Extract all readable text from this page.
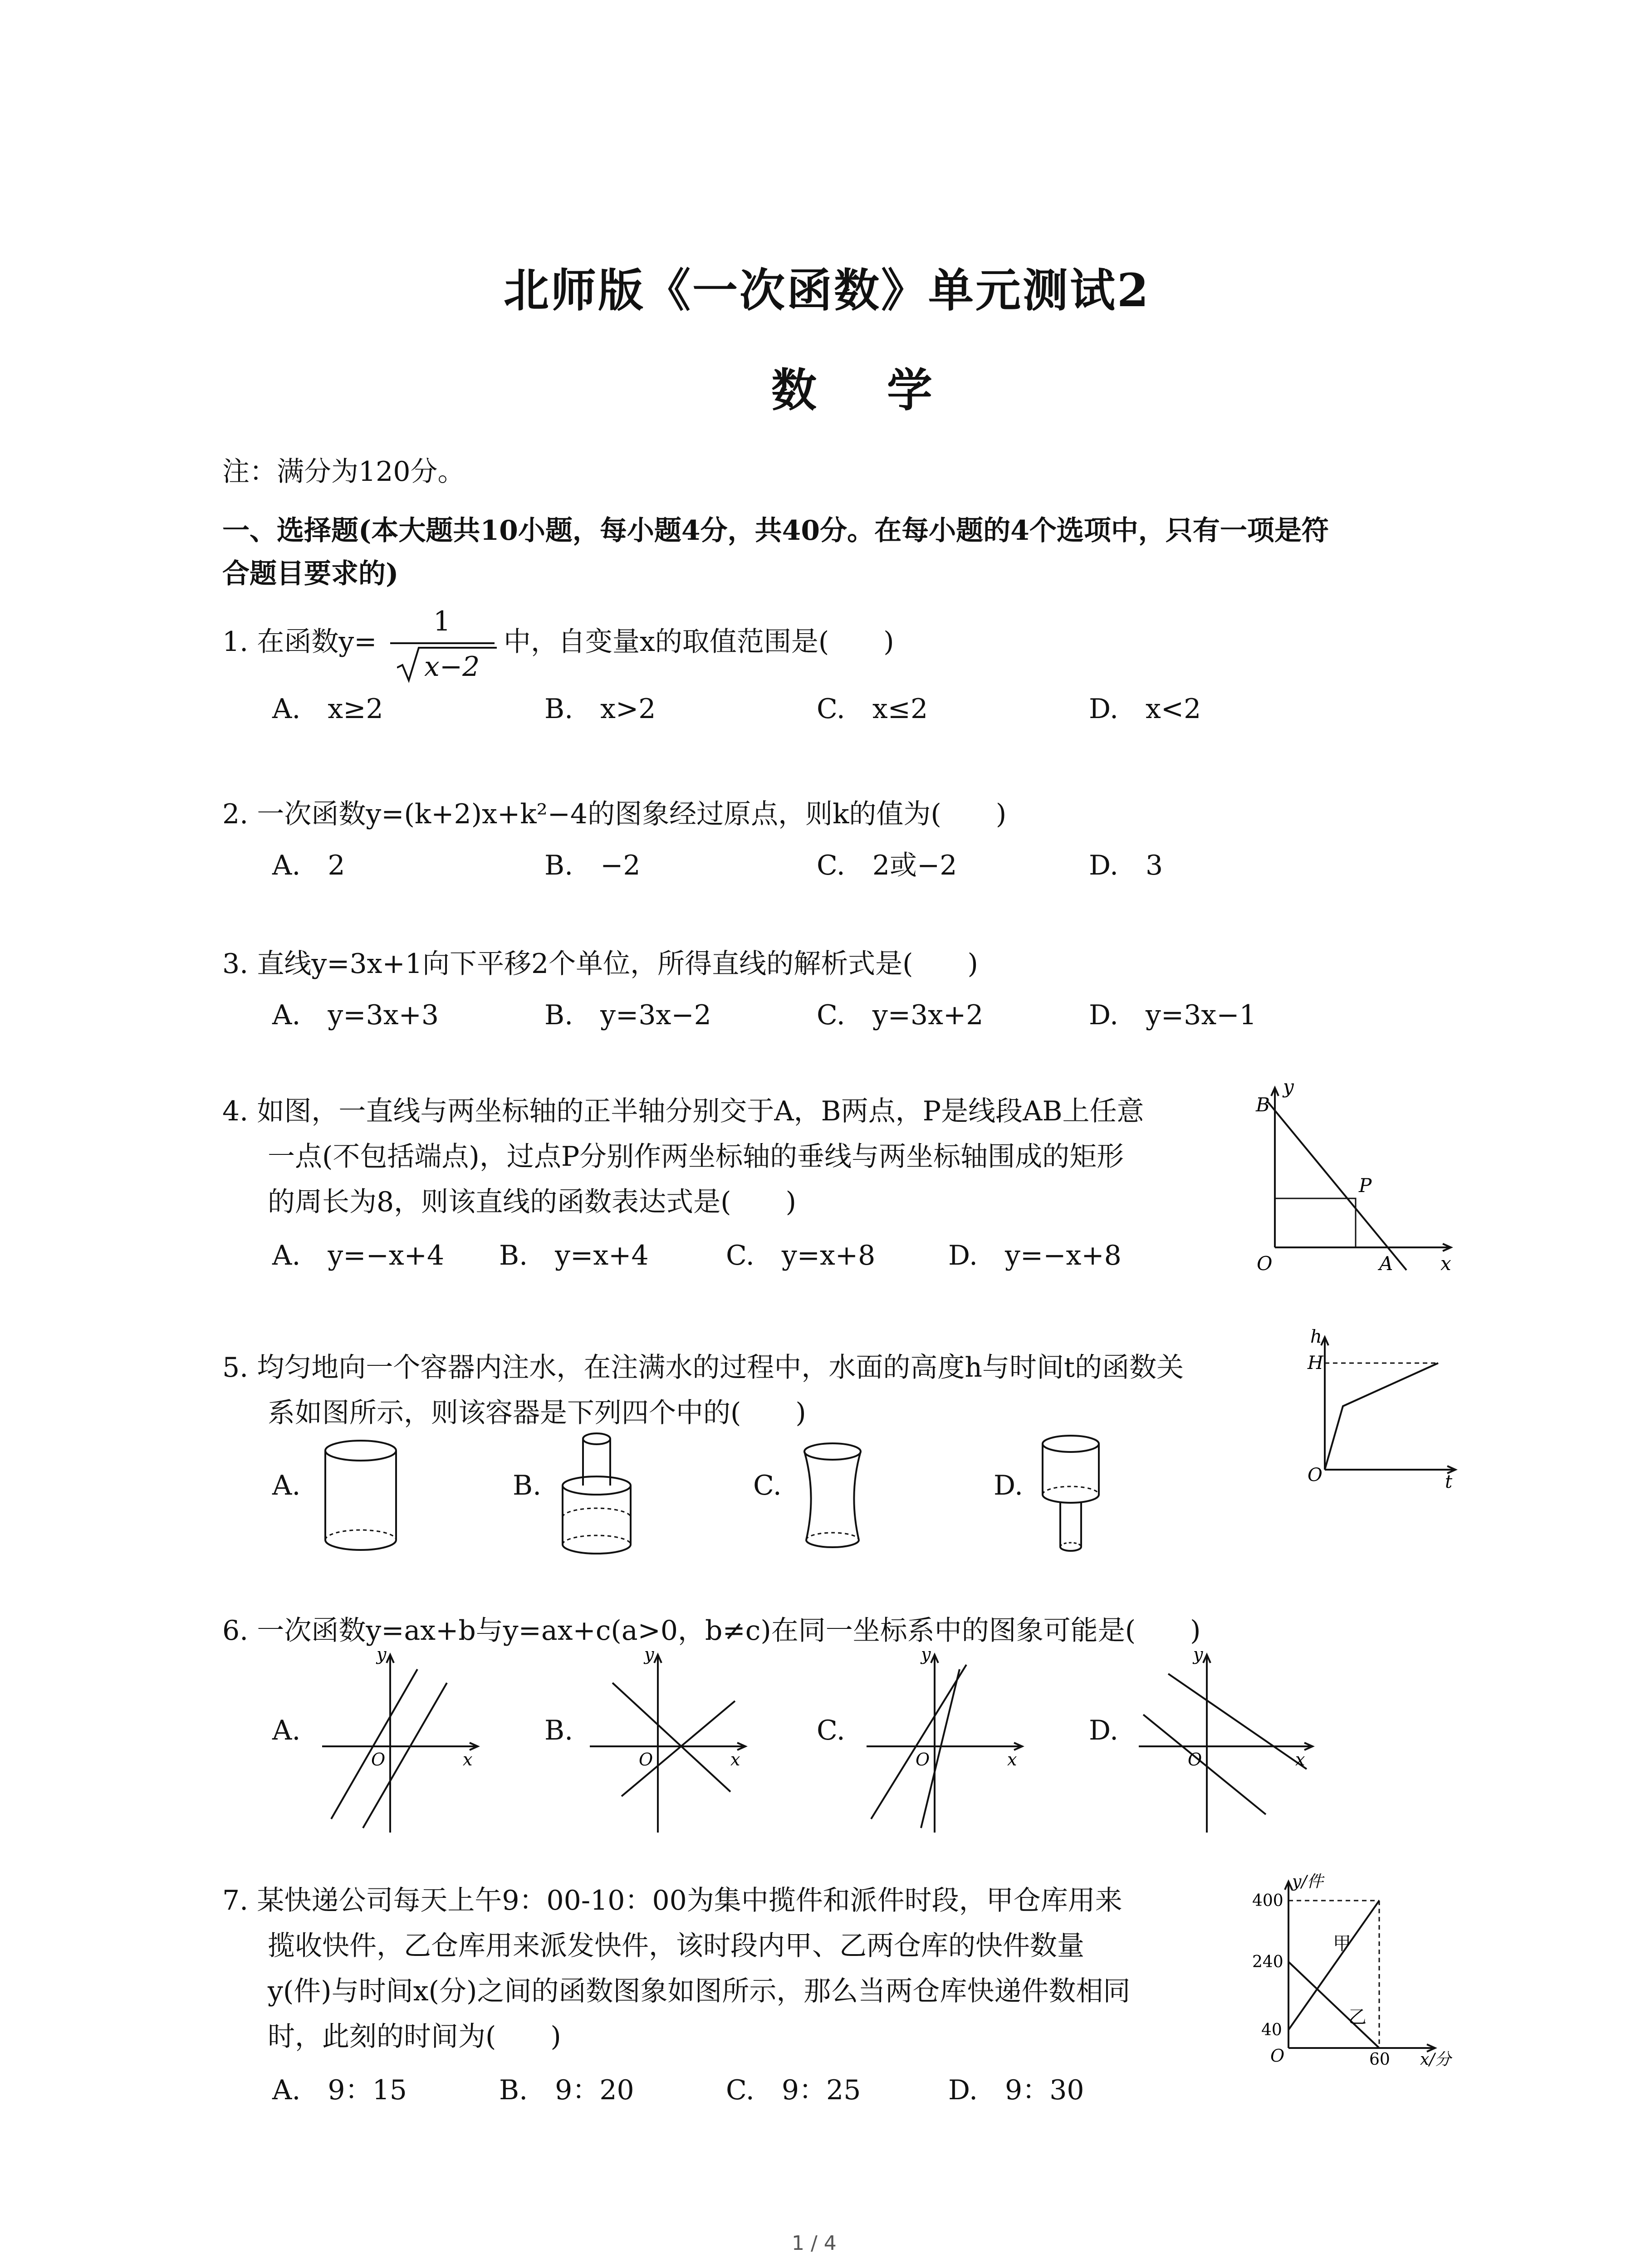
北师版《一次函数》单元测试2
数 学
注：满分为120分。
一、选择题(本大题共10小题，每小题4分，共40分。在每小题的4个选项中，只有一项是符
合题目要求的)
1. 在函数y=
1
x−2
中，自变量x的取值范围是(　　)
A.　x≥2	B.　x>2	C.　x≤2	D.　x<2
2. 一次函数y=(k+2)x+k²−4的图象经过原点，则k的值为(　　)
A.　2	B.　−2	C.　2或−2	D.　3
3. 直线y=3x+1向下平移2个单位，所得直线的解析式是(　　)
A.　y=3x+3	B.　y=3x−2	C.　y=3x+2	D.　y=3x−1
4. 如图，一直线与两坐标轴的正半轴分别交于A，B两点，P是线段AB上任意
一点(不包括端点)，过点P分别作两坐标轴的垂线与两坐标轴围成的矩形
的周长为8，则该直线的函数表达式是(　　)
A.　y=−x+4 B.　y=x+4	C.　y=x+8	D.　y=−x+8
B
y
P
O	A x
5. 均匀地向一个容器内注水，在注满水的过程中，水面的高度h与时间t的函数关
系如图所示，则该容器是下列四个中的(　　)
h
H
O	t
A.	B.	C.	D.
6. 一次函数y=ax+b与y=ax+c(a>0，b≠c)在同一坐标系中的图象可能是(　　)
A.	B.	C.	D.
y
O	x
y
O	x
y
O	x
y
O	x
7. 某快递公司每天上午9：00-10：00为集中揽件和派件时段，甲仓库用来
揽收快件，乙仓库用来派发快件，该时段内甲、乙两仓库的快件数量
y(件)与时间x(分)之间的函数图象如图所示，那么当两仓库快递件数相同
时，此刻的时间为(　　)
A.　9：15	B.　9：20	C.　9：25	D.　9：30
y/件
400
240
40
O	60 x/分
甲
乙
1 / 4
